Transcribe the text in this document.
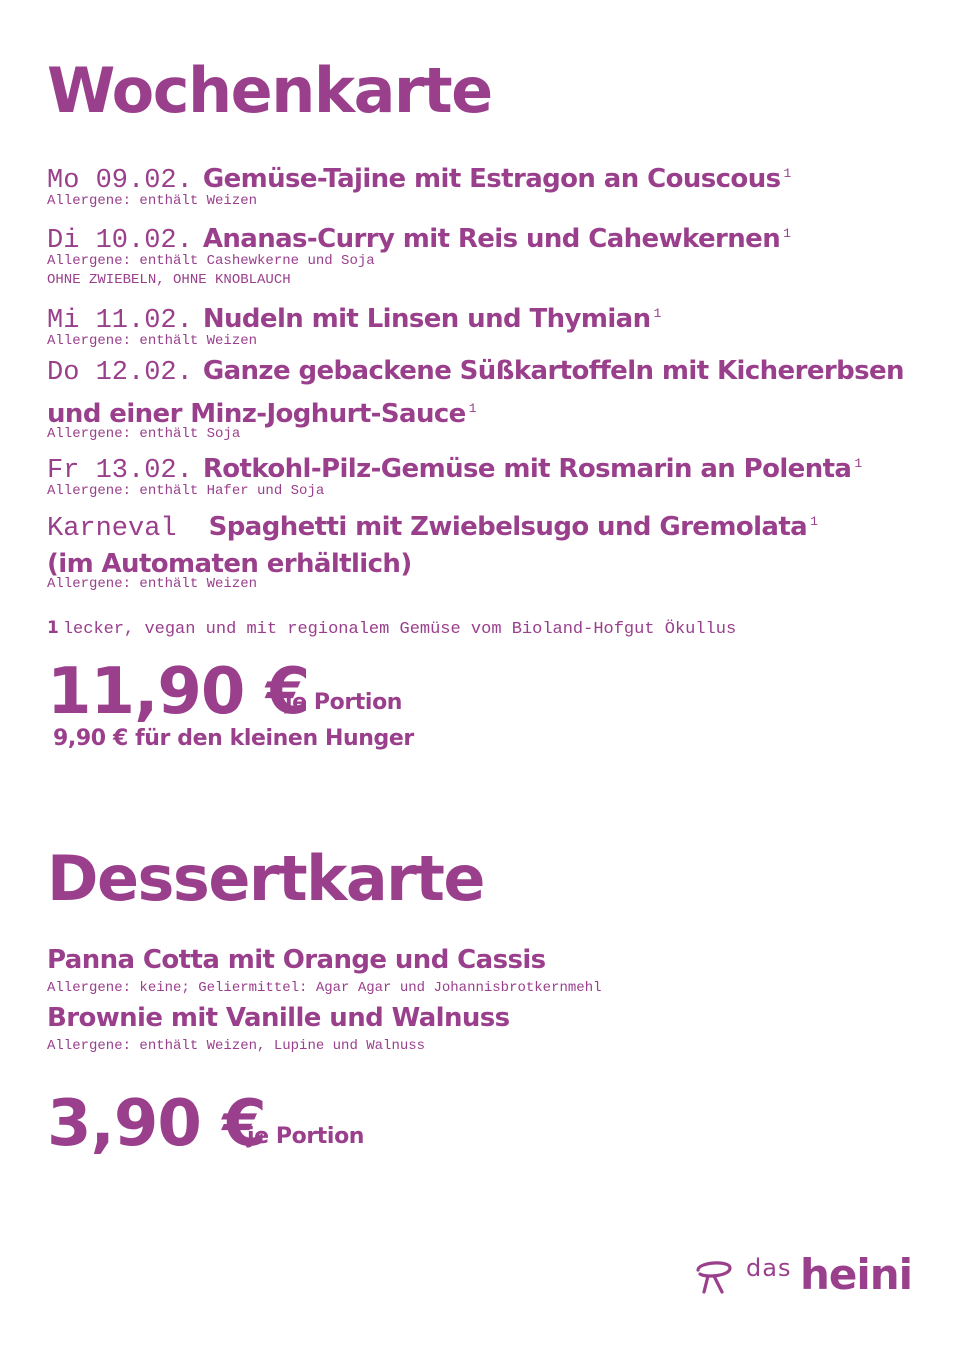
Wochenkarte
Mo 09.02. Gemüse-Tajine mit Estragon an Couscous $^1$
Allergene: enthält Weizen
Di 10.02. Ananas-Curry mit Reis und Cahewkernen $^1$
Allergene: enthält Cashewkerne und Soja
OHNE ZWIEBELN, OHNE KNOBLAUCH
Mi 11.02. Nudeln mit Linsen und Thymian $^1$
Allergene: enthält Weizen
Do 12.02. Ganze gebackene Süßkartoffeln mit Kichererbsen und einer Minz-Joghurt-Sauce $^1$
Allergene: enthält Soja
Fr 13.02. Rotkohl-Pilz-Gemüse mit Rosmarin an Polenta $^1$
Allergene: enthält Hafer und Soja
Karneval Spaghetti mit Zwiebelsugo und Gremolata $^1$
(im Automaten erhältlich)
Allergene: enthält Weizen
1 lecker, vegan und mit regionalem Gemüse vom Bioland-Hofgut Ökullus
11,90 €
je Portion
9,90 € für den kleinen Hunger
Dessertkarte
Panna Cotta mit Orange und Cassis
Allergene: keine; Geliermittel: Agar Agar und Johannisbrotkernmehl
Brownie mit Vanille und Walnuss
Allergene: enthält Weizen, Lupine und Walnuss
3,90 €
je Portion
das heini
